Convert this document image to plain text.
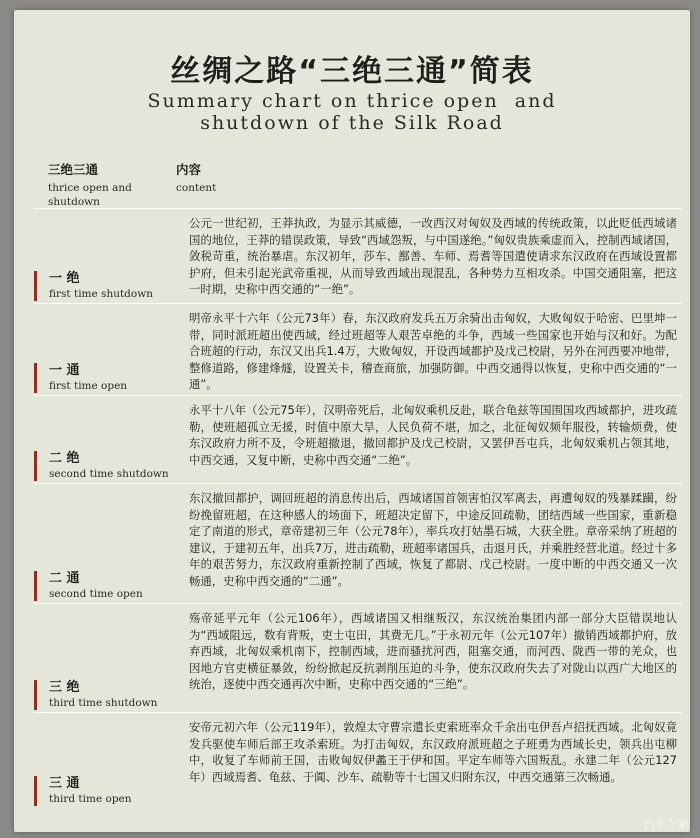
丝绸之路“三绝三通”简表
Summary chart on thrice open  and
shutdown of the Silk Road
三绝三通
thrice open and
shutdown
内容
content
一 绝
first time shutdown
公元一世纪初，王莽执政，为显示其威德，一改西汉对匈奴及西域的传统政策，以此贬低西域诸国的地位，王莽的错误政策，导致“西域怨叛，与中国遂绝。”匈奴贵族乘虚而入，控制西域诸国，敛税苛重，统治暴虐。东汉初年，莎车、鄯善、车师、焉耆等国遣使请求东汉政府在西域设置都护府，但未引起光武帝重视，从而导致西域出现混乱，各种势力互相攻杀。中国交通阻塞，把这一时期，史称中西交通的“一绝”。
一 通
first time open
明帝永平十六年（公元73年）春，东汉政府发兵五万余骑出击匈奴，大败匈奴于哈密、巴里坤一带，同时派班超出使西域，经过班超等人艰苦卓绝的斗争，西域一些国家也开始与汉和好。为配合班超的行动，东汉又出兵1.4万，大败匈奴，开设西域都护及戊己校尉，另外在河西要冲地带，整修道路，修建烽燧，设置关卡，稽查商旅，加强防御。中西交通得以恢复，史称中西交通的“一通”。
二 绝
second time shutdown
永平十八年（公元75年），汉明帝死后，北匈奴乘机反赴，联合龟兹等国围国攻西域都护，进攻疏勒，使班超孤立无援，时值中原大旱，人民负荷不堪，加之，北征匈奴频年服役，转输烦费，使东汉政府力所不及，令班超撤退，撤回都护及戊己校尉，又罢伊吾屯兵，北匈奴乘机占领其地，中西交通，又复中断，史称中西交通“二绝”。
二 通
second time open
东汉撤回都护，调回班超的消息传出后，西域诸国首领害怕汉军离去，再遭匈奴的残暴蹂躏，纷纷挽留班超，在这种感人的场面下，班超决定留下，中途反回疏勒，团结西域一些国家，重新稳定了南道的形式，章帝建初三年（公元78年），率兵攻打姑墨石城，大获全胜。章帝采纳了班超的建议，于建初五年，出兵7万，进击疏勒，班超率诸国兵，击退月氏，并乘胜经营北道。经过十多年的艰苦努力，东汉政府重新控制了西域，恢复了都尉、戊己校尉。一度中断的中西交通又一次畅通，史称中西交通的“二通”。
三 绝
third time shutdown
殇帝延平元年（公元106年），西域诸国又相继叛汉，东汉统治集团内部一部分大臣错误地认为“西域阻远，数有背叛，吏士屯田，其费无几。”于永初元年（公元107年）撤销西域都护府，放弃西域，北匈奴乘机南下，控制西域，进而骚扰河西，阻塞交通，而河西、陇西一带的羌众，也因地方官吏横征暴敛，纷纷掀起反抗剥削压迫的斗争，使东汉政府失去了对陇山以西广大地区的统治，逐使中西交通再次中断，史称中西交通的“三绝”。
三 通
third time open
安帝元初六年（公元119年），敦煌太守曹宗遣长吏索班率众千余出屯伊吾卢招抚西域。北匈奴竟发兵驱使车师后部王攻杀索班。为打击匈奴，东汉政府派班超之子班勇为西域长史，领兵出屯柳中，收复了车师前王国，击败匈奴伊蠡王于伊和国。平定车师等六国叛乱。永建二年（公元127年）西域焉耆、龟兹、于阗、沙车、疏勒等十七国又归附东汉，中西交通第三次畅通。
汽车之家
